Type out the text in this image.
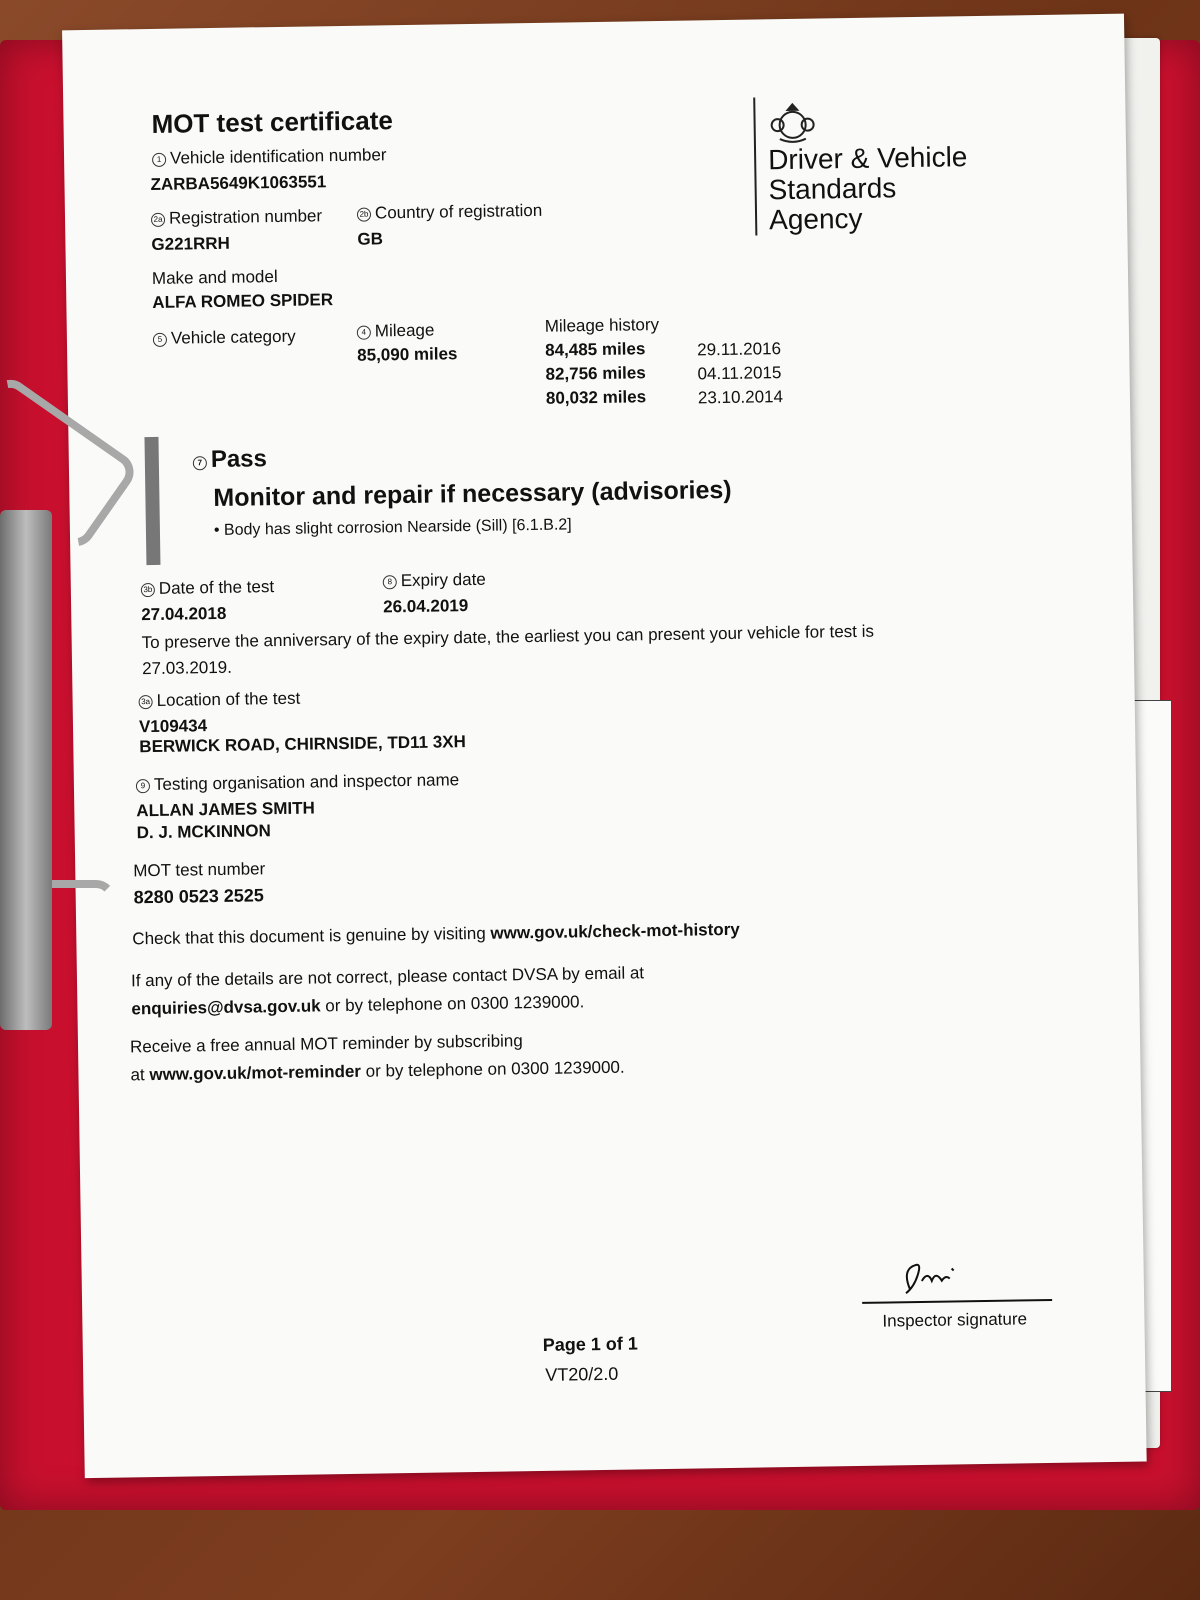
MOT test certificate
1 Vehicle identification number
ZARBA5649K1063551
2a Registration number
G221RRH
2b Country of registration
GB
Make and model
ALFA ROMEO SPIDER
5 Vehicle category	4 Mileage
85,090 miles
Mileage history
84,485 miles	29.11.2016
82,756 miles	04.11.2015
80,032 miles	23.10.2014
Driver & Vehicle
Standards
Agency
7 Pass
Monitor and repair if necessary (advisories)
• Body has slight corrosion Nearside (Sill) [6.1.B.2]
3b Date of the test
27.04.2018
8 Expiry date
26.04.2019
To preserve the anniversary of the expiry date, the earliest you can present your vehicle for test is
27.03.2019.
3a Location of the test
V109434
BERWICK ROAD, CHIRNSIDE, TD11 3XH
9 Testing organisation and inspector name
ALLAN JAMES SMITH
D. J. MCKINNON
MOT test number
8280 0523 2525
Check that this document is genuine by visiting www.gov.uk/check-mot-history
If any of the details are not correct, please contact DVSA by email at
enquiries@dvsa.gov.uk or by telephone on 0300 1239000.
Receive a free annual MOT reminder by subscribing
at www.gov.uk/mot-reminder or by telephone on 0300 1239000.
Inspector signature
Page 1 of 1
VT20/2.0
